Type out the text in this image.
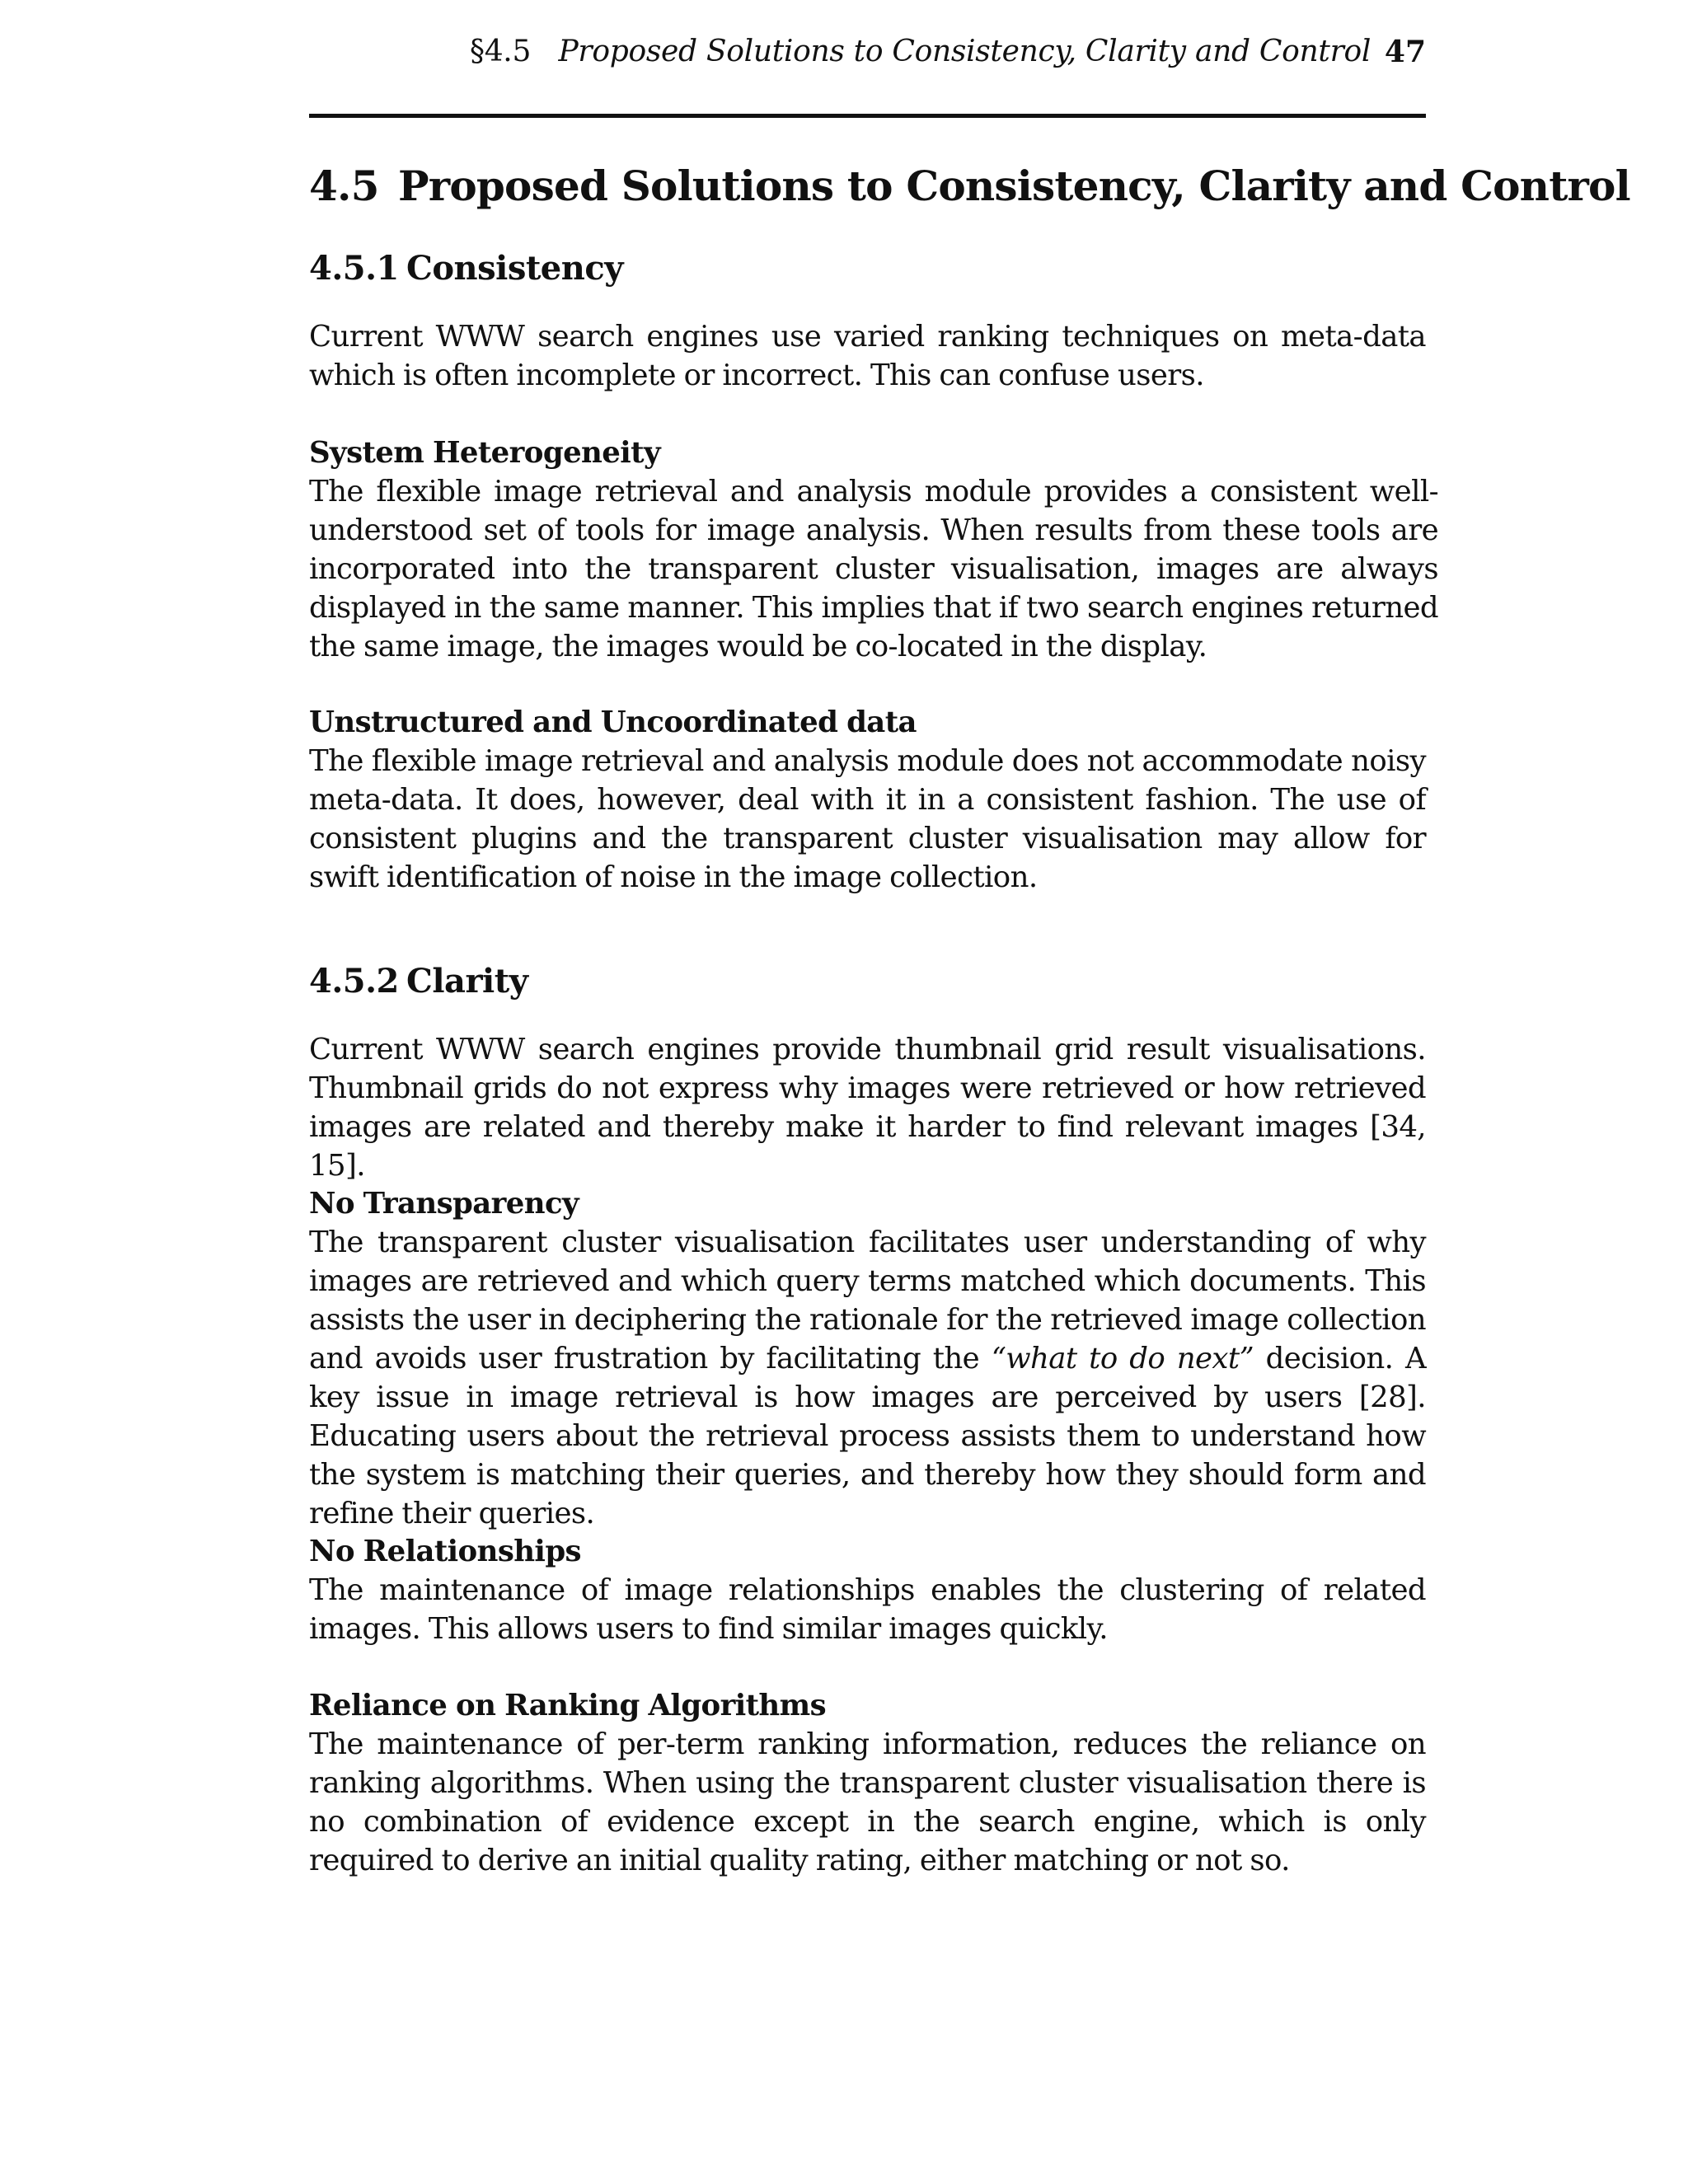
§4.5 Proposed Solutions to Consistency, Clarity and Control 47
4.5 Proposed Solutions to Consistency, Clarity and Control
4.5.1 Consistency

Current WWW search engines use varied ranking techniques on meta-data which is often incomplete or incorrect. This can confuse users.

System Heterogeneity
The flexible image retrieval and analysis module provides a consistent well-understood set of tools for image analysis. When results from these tools are incorporated into the transparent cluster visualisation, images are always displayed in the same manner. This implies that if two search engines returned the same image, the images would be co-located in the display.

Unstructured and Uncoordinated data
The flexible image retrieval and analysis module does not accommodate noisy meta-data. It does, however, deal with it in a consistent fashion. The use of consistent plugins and the transparent cluster visualisation may allow for swift identification of noise in the image collection.

4.5.2 Clarity

Current WWW search engines provide thumbnail grid result visualisations. Thumbnail grids do not express why images were retrieved or how retrieved images are related and thereby make it harder to find relevant images [34, 15].

No Transparency
The transparent cluster visualisation facilitates user understanding of why images are retrieved and which query terms matched which documents. This assists the user in deciphering the rationale for the retrieved image collection and avoids user frustration by facilitating the “what to do next” decision. A key issue in image retrieval is how images are perceived by users [28]. Educating users about the retrieval process assists them to understand how the system is matching their queries, and thereby how they should form and refine their queries.

No Relationships
The maintenance of image relationships enables the clustering of related images. This allows users to find similar images quickly.

Reliance on Ranking Algorithms
The maintenance of per-term ranking information, reduces the reliance on ranking algorithms. When using the transparent cluster visualisation there is no combination of evidence except in the search engine, which is only required to derive an initial quality rating, either matching or not so.
